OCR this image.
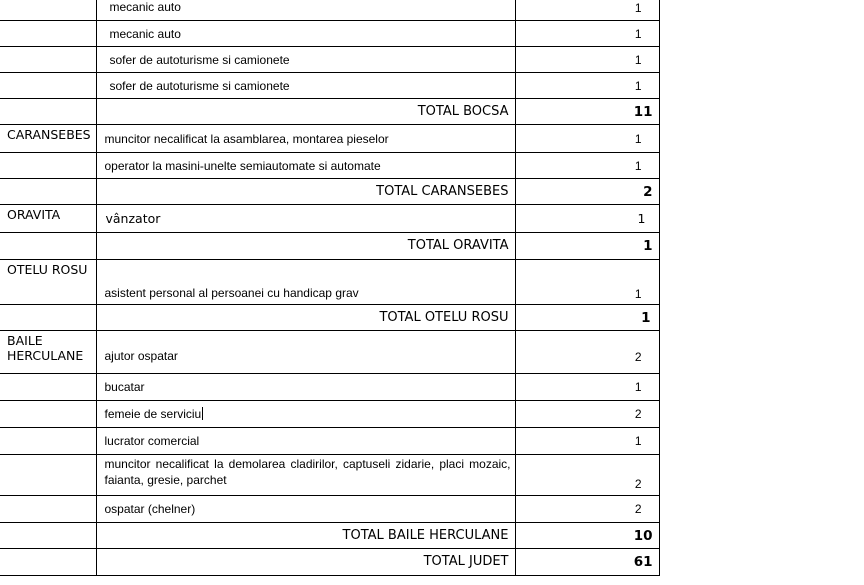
	mecanic auto	1
	mecanic auto	1
	sofer de autoturisme si camionete	1
	sofer de autoturisme si camionete	1
	TOTAL BOCSA	11
CARANSEBES	muncitor necalificat la asamblarea, montarea pieselor	1
	operator la masini-unelte semiautomate si automate	1
	TOTAL CARANSEBES	2
ORAVITA	vânzator	1
	TOTAL ORAVITA	1
OTELU ROSU	asistent personal al persoanei cu handicap grav	1
	TOTAL OTELU ROSU	1
BAILE HERCULANE	ajutor ospatar	2
	bucatar	1
	femeie de serviciu	2
	lucrator comercial	1
	muncitor necalificat la demolarea cladirilor, captuseli zidarie, placi mozaic, faianta, gresie, parchet	2
	ospatar (chelner)	2
	TOTAL BAILE HERCULANE	10
	TOTAL JUDET	61
